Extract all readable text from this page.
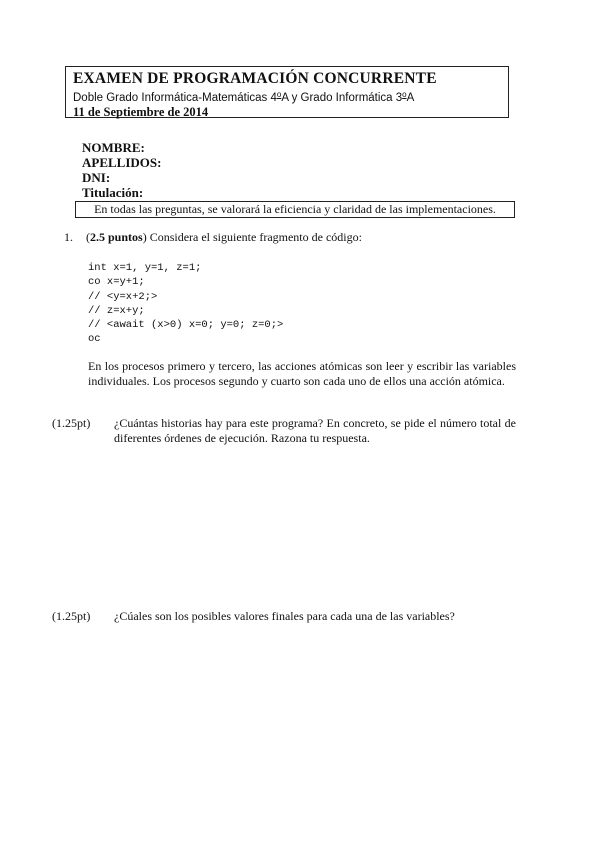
EXAMEN DE PROGRAMACIÓN CONCURRENTE
Doble Grado Informática-Matemáticas 4$^o$A y Grado Informática 3$^o$A
11 de Septiembre de 2014
NOMBRE:
APELLIDOS:
DNI:
Titulación:
En todas las preguntas, se valorará la eficiencia y claridad de las implementaciones.
1. (2.5 puntos) Considera el siguiente fragmento de código:
int x=1, y=1, z=1;
co x=y+1;
// <y=x+2;>
// z=x+y;
// <await (x>0) x=0; y=0; z=0;>
oc
En los procesos primero y tercero, las acciones atómicas son leer y escribir las variables individuales. Los procesos segundo y cuarto son cada uno de ellos una acción atómica.
(1.25pt) ¿Cuántas historias hay para este programa? En concreto, se pide el número total de diferentes órdenes de ejecución. Razona tu respuesta.
(1.25pt) ¿Cúales son los posibles valores finales para cada una de las variables?
